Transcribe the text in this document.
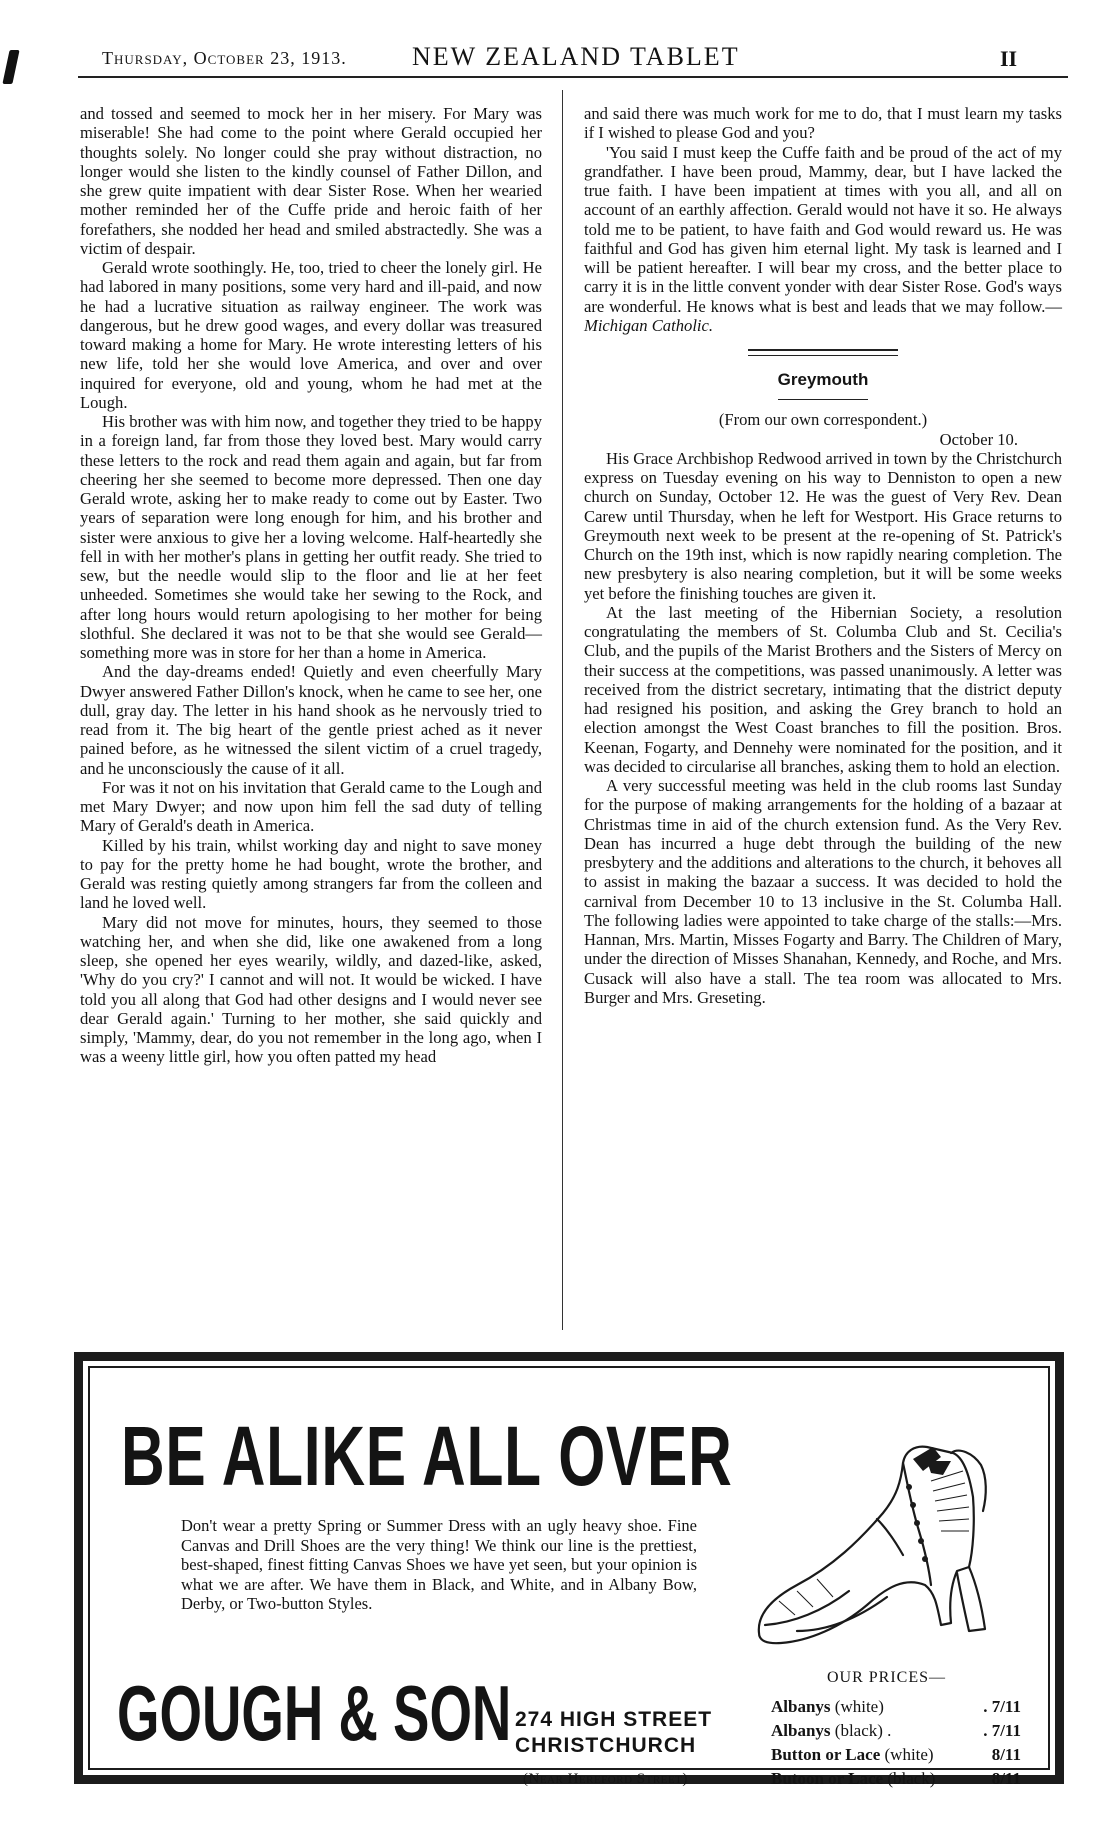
Thursday, October 23, 1913.	NEW ZEALAND TABLET	II

and tossed and seemed to mock her in her misery. For Mary was miserable! She had come to the point where Gerald occupied her thoughts solely. No longer could she pray without distraction, no longer would she listen to the kindly counsel of Father Dillon, and she grew quite impatient with dear Sister Rose. When her wearied mother reminded her of the Cuffe pride and heroic faith of her forefathers, she nodded her head and smiled abstractedly. She was a victim of despair.

Gerald wrote soothingly. He, too, tried to cheer the lonely girl. He had labored in many positions, some very hard and ill-paid, and now he had a lucrative situation as railway engineer. The work was dangerous, but he drew good wages, and every dollar was treasured toward making a home for Mary. He wrote interesting letters of his new life, told her she would love America, and over and over inquired for everyone, old and young, whom he had met at the Lough.

His brother was with him now, and together they tried to be happy in a foreign land, far from those they loved best. Mary would carry these letters to the rock and read them again and again, but far from cheering her she seemed to become more depressed. Then one day Gerald wrote, asking her to make ready to come out by Easter. Two years of separation were long enough for him, and his brother and sister were anxious to give her a loving welcome. Half-heartedly she fell in with her mother's plans in getting her outfit ready. She tried to sew, but the needle would slip to the floor and lie at her feet unheeded. Sometimes she would take her sewing to the Rock, and after long hours would return apologising to her mother for being slothful. She declared it was not to be that she would see Gerald—something more was in store for her than a home in America.

And the day-dreams ended! Quietly and even cheerfully Mary Dwyer answered Father Dillon's knock, when he came to see her, one dull, gray day. The letter in his hand shook as he nervously tried to read from it. The big heart of the gentle priest ached as it never pained before, as he witnessed the silent victim of a cruel tragedy, and he unconsciously the cause of it all.

For was it not on his invitation that Gerald came to the Lough and met Mary Dwyer; and now upon him fell the sad duty of telling Mary of Gerald's death in America.

Killed by his train, whilst working day and night to save money to pay for the pretty home he had bought, wrote the brother, and Gerald was resting quietly among strangers far from the colleen and land he loved well.

Mary did not move for minutes, hours, they seemed to those watching her, and when she did, like one awakened from a long sleep, she opened her eyes wearily, wildly, and dazed-like, asked, 'Why do you cry?' I cannot and will not. It would be wicked. I have told you all along that God had other designs and I would never see dear Gerald again.' Turning to her mother, she said quickly and simply, 'Mammy, dear, do you not remember in the long ago, when I was a weeny little girl, how you often patted my head

and said there was much work for me to do, that I must learn my tasks if I wished to please God and you?

'You said I must keep the Cuffe faith and be proud of the act of my grandfather. I have been proud, Mammy, dear, but I have lacked the true faith. I have been impatient at times with you all, and all on account of an earthly affection. Gerald would not have it so. He always told me to be patient, to have faith and God would reward us. He was faithful and God has given him eternal light. My task is learned and I will be patient hereafter. I will bear my cross, and the better place to carry it is in the little convent yonder with dear Sister Rose. God's ways are wonderful. He knows what is best and leads that we may follow.—Michigan Catholic.

Greymouth

(From our own correspondent.)

October 10.

His Grace Archbishop Redwood arrived in town by the Christchurch express on Tuesday evening on his way to Denniston to open a new church on Sunday, October 12. He was the guest of Very Rev. Dean Carew until Thursday, when he left for Westport. His Grace returns to Greymouth next week to be present at the re-opening of St. Patrick's Church on the 19th inst, which is now rapidly nearing completion. The new presbytery is also nearing completion, but it will be some weeks yet before the finishing touches are given it.

At the last meeting of the Hibernian Society, a resolution congratulating the members of St. Columba Club and St. Cecilia's Club, and the pupils of the Marist Brothers and the Sisters of Mercy on their success at the competitions, was passed unanimously. A letter was received from the district secretary, intimating that the district deputy had resigned his position, and asking the Grey branch to hold an election amongst the West Coast branches to fill the position. Bros. Keenan, Fogarty, and Dennehy were nominated for the position, and it was decided to circularise all branches, asking them to hold an election.

A very successful meeting was held in the club rooms last Sunday for the purpose of making arrangements for the holding of a bazaar at Christmas time in aid of the church extension fund. As the Very Rev. Dean has incurred a huge debt through the building of the new presbytery and the additions and alterations to the church, it behoves all to assist in making the bazaar a success. It was decided to hold the carnival from December 10 to 13 inclusive in the St. Columba Hall. The following ladies were appointed to take charge of the stalls:—Mrs. Hannan, Mrs. Martin, Misses Fogarty and Barry. The Children of Mary, under the direction of Misses Shanahan, Kennedy, and Roche, and Mrs. Cusack will also have a stall. The tea room was allocated to Mrs. Burger and Mrs. Greseting.

BE ALIKE ALL OVER
Don't wear a pretty Spring or Summer Dress with an ugly heavy shoe. Fine Canvas and Drill Shoes are the very thing! We think our line is the prettiest, best-shaped, finest fitting Canvas Shoes we have yet seen, but your opinion is what we are after. We have them in Black, and White, and in Albany Bow, Derby, or Two-button Styles.
GOUGH & SON 274 HIGH STREET
CHRISTCHURCH
(Near Hereford Street)
OUR PRICES—
Albanys (white)	. 7/11
Albanys (black) .	. 7/11
Button or Lace (white)	8/11
Butoon or Lace (black)	8/11
